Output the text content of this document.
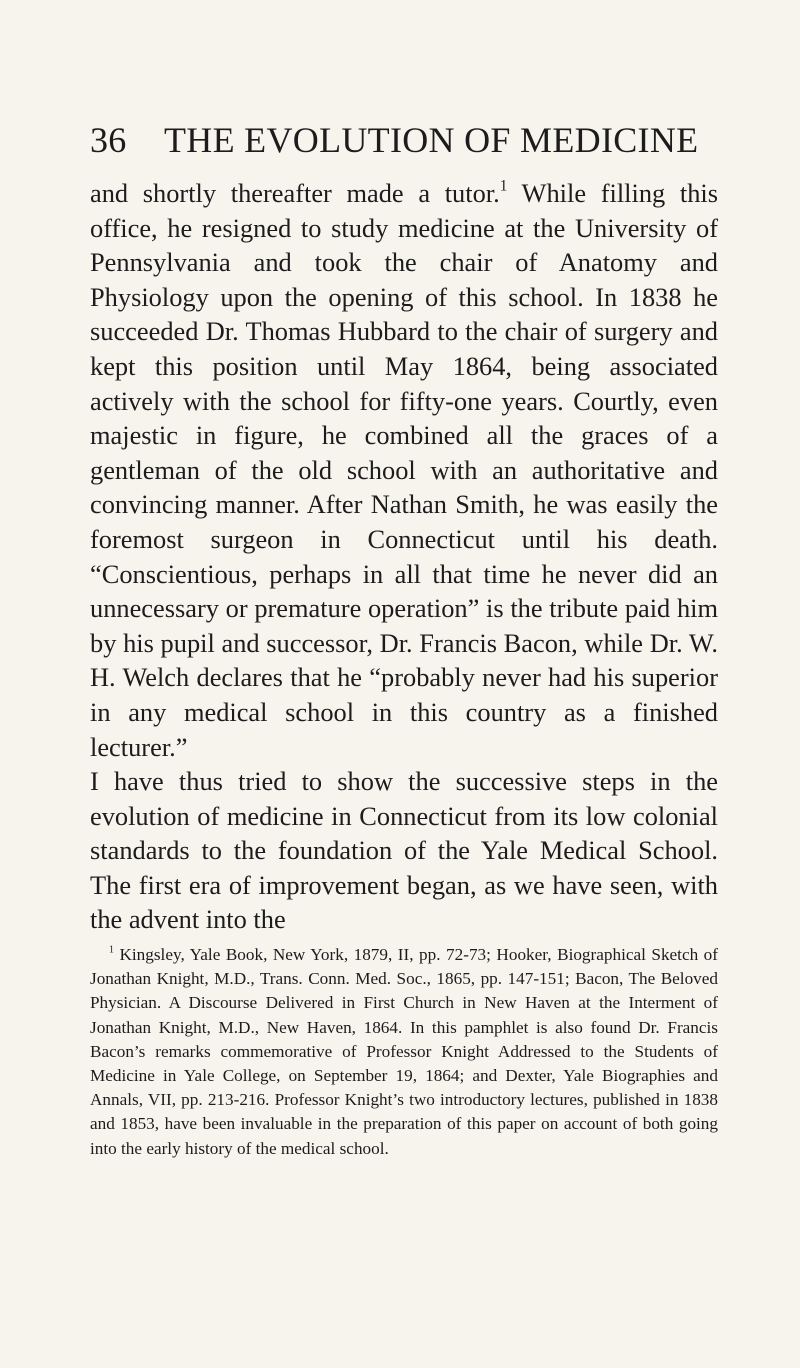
36	THE EVOLUTION OF MEDICINE

and shortly thereafter made a tutor.$^1$ While filling this office, he resigned to study medicine at the University of Pennsylvania and took the chair of Anatomy and Physiology upon the opening of this school. In 1838 he succeeded Dr. Thomas Hubbard to the chair of surgery and kept this position until May 1864, being associated actively with the school for fifty-one years. Courtly, even majestic in figure, he combined all the graces of a gentleman of the old school with an authoritative and convincing manner. After Nathan Smith, he was easily the foremost surgeon in Connecticut until his death. “Conscientious, perhaps in all that time he never did an unnecessary or premature operation” is the tribute paid him by his pupil and successor, Dr. Francis Bacon, while Dr. W. H. Welch declares that he “probably never had his superior in any medical school in this country as a finished lecturer.”

I have thus tried to show the successive steps in the evolution of medicine in Connecticut from its low colonial standards to the foundation of the Yale Medical School. The first era of improvement began, as we have seen, with the advent into the

$^1$ Kingsley, Yale Book, New York, 1879, II, pp. 72-73; Hooker, Biographical Sketch of Jonathan Knight, M.D., Trans. Conn. Med. Soc., 1865, pp. 147-151; Bacon, The Beloved Physician. A Discourse Delivered in First Church in New Haven at the Interment of Jonathan Knight, M.D., New Haven, 1864. In this pamphlet is also found Dr. Francis Bacon’s remarks commemorative of Professor Knight Addressed to the Students of Medicine in Yale College, on September 19, 1864; and Dexter, Yale Biographies and Annals, VII, pp. 213-216. Professor Knight’s two introductory lectures, published in 1838 and 1853, have been invaluable in the preparation of this paper on account of both going into the early history of the medical school.
